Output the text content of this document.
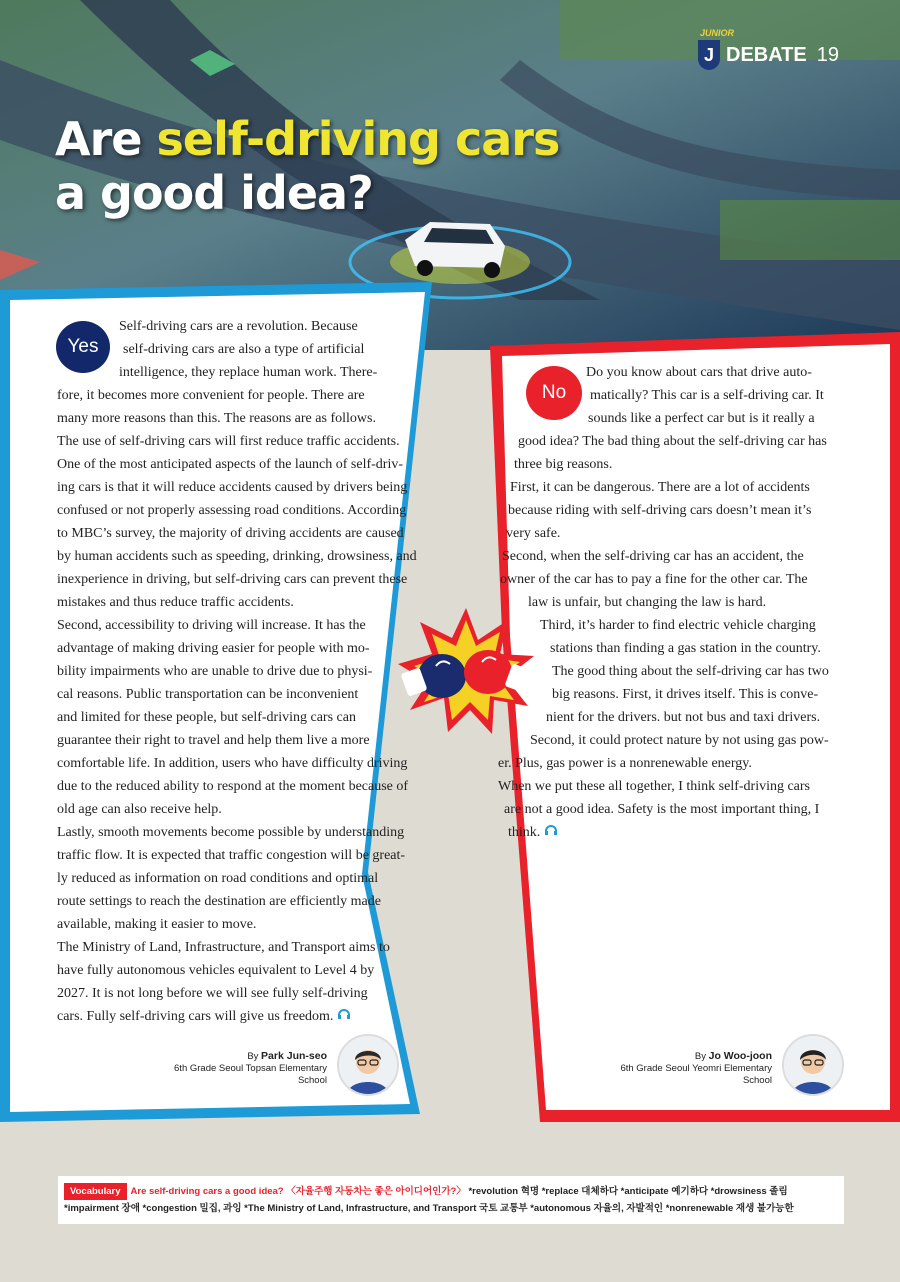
JUNIOR
J DEBATE 19
Are self-driving cars
a good idea?
Yes
No

Self-driving cars are a revolution. Because

self-driving cars are also a type of artificial

intelligence, they replace human work. There-

fore, it becomes more convenient for people. There are

many more reasons than this. The reasons are as follows.

The use of self-driving cars will first reduce traffic accidents.

One of the most anticipated aspects of the launch of self-driv-

ing cars is that it will reduce accidents caused by drivers being

confused or not properly assessing road conditions. According

to MBC’s survey, the majority of driving accidents are caused

by human accidents such as speeding, drinking, drowsiness, and

inexperience in driving, but self-driving cars can prevent these

mistakes and thus reduce traffic accidents.

Second, accessibility to driving will increase. It has the

advantage of making driving easier for people with mo-

bility impairments who are unable to drive due to physi-

cal reasons. Public transportation can be inconvenient

and limited for these people, but self-driving cars can

guarantee their right to travel and help them live a more

comfortable life. In addition, users who have difficulty driving

due to the reduced ability to respond at the moment because of

old age can also receive help.

Lastly, smooth movements become possible by understanding

traffic flow. It is expected that traffic congestion will be great-

ly reduced as information on road conditions and optimal

route settings to reach the destination are efficiently made

available, making it easier to move.

The Ministry of Land, Infrastructure, and Transport aims to

have fully autonomous vehicles equivalent to Level 4 by

2027. It is not long before we will see fully self-driving

cars. Fully self-driving cars will give us freedom.

Do you know about cars that drive auto-

matically? This car is a self-driving car. It

sounds like a perfect car but is it really a

good idea? The bad thing about the self-driving car has

three big reasons.

First, it can be dangerous. There are a lot of accidents

because riding with self-driving cars doesn’t mean it’s

very safe.

Second, when the self-driving car has an accident, the

owner of the car has to pay a fine for the other car. The

law is unfair, but changing the law is hard.

Third, it’s harder to find electric vehicle charging

stations than finding a gas station in the country.

The good thing about the self-driving car has two

big reasons. First, it drives itself. This is conve-

nient for the drivers. but not bus and taxi drivers.

Second, it could protect nature by not using gas pow-

er. Plus, gas power is a nonrenewable energy.

When we put these all together, I think self-driving cars

are not a good idea. Safety is the most important thing, I

think.

By Park Jun-seo
6th Grade Seoul Topsan Elementary School
By Jo Woo-joon
6th Grade Seoul Yeomri Elementary School
Vocabulary Are self-driving cars a good idea? 〈자율주행 자동차는 좋은 아이디어인가?〉 *revolution 혁명 *replace 대체하다 *anticipate 예기하다 *drowsiness 졸림 *impairment 장애 *congestion 밀집, 과잉 *The Ministry of Land, Infrastructure, and Transport 국토 교통부 *autonomous 자율의, 자발적인 *nonrenewable 재생 불가능한
